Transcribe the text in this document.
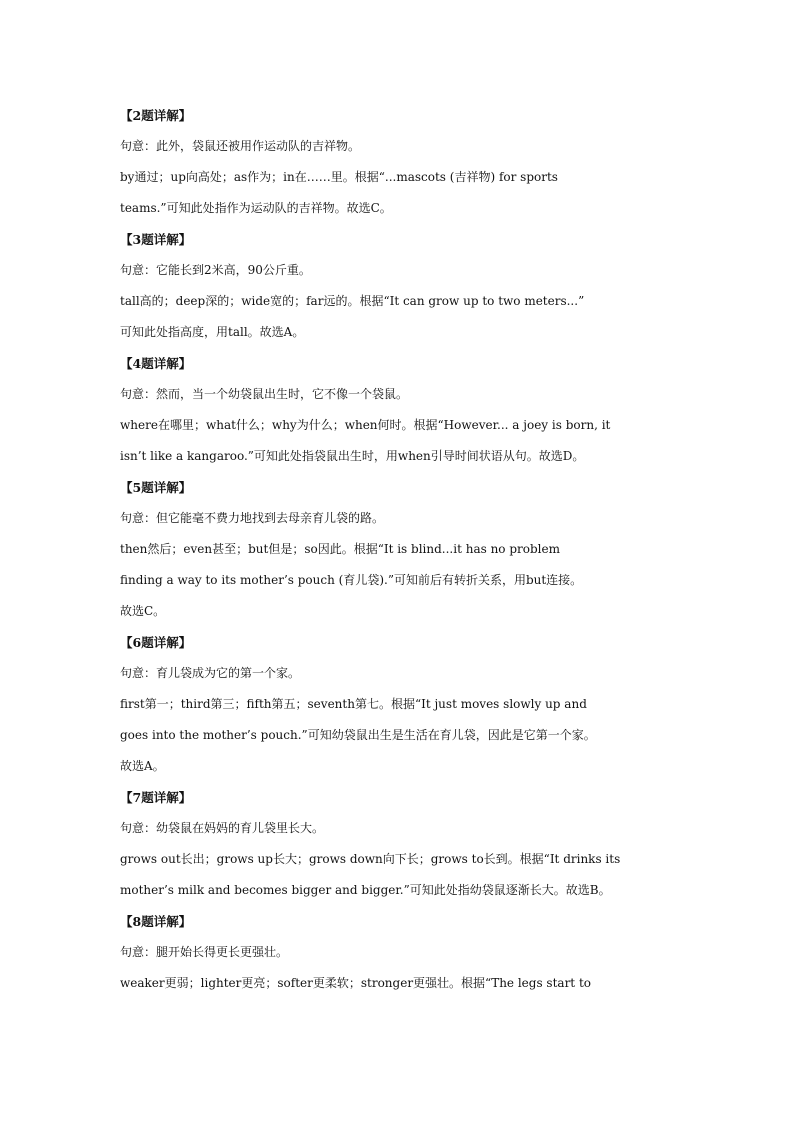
【2题详解】
句意：此外，袋鼠还被用作运动队的吉祥物。
by通过；up向高处；as作为；in在……里。根据“...mascots (吉祥物) for sports
teams.”可知此处指作为运动队的吉祥物。故选C。
【3题详解】
句意：它能长到2米高，90公斤重。
tall高的；deep深的；wide宽的；far远的。根据“It can grow up to two meters...”
可知此处指高度，用tall。故选A。
【4题详解】
句意：然而，当一个幼袋鼠出生时，它不像一个袋鼠。
where在哪里；what什么；why为什么；when何时。根据“However... a joey is born, it
isn’t like a kangaroo.”可知此处指袋鼠出生时，用when引导时间状语从句。故选D。
【5题详解】
句意：但它能毫不费力地找到去母亲育儿袋的路。
then然后；even甚至；but但是；so因此。根据“It is blind...it has no problem
finding a way to its mother’s pouch (育儿袋).”可知前后有转折关系，用but连接。
故选C。
【6题详解】
句意：育儿袋成为它的第一个家。
first第一；third第三；fifth第五；seventh第七。根据“It just moves slowly up and
goes into the mother’s pouch.”可知幼袋鼠出生是生活在育儿袋，因此是它第一个家。
故选A。
【7题详解】
句意：幼袋鼠在妈妈的育儿袋里长大。
grows out长出；grows up长大；grows down向下长；grows to长到。根据“It drinks its
mother’s milk and becomes bigger and bigger.”可知此处指幼袋鼠逐渐长大。故选B。
【8题详解】
句意：腿开始长得更长更强壮。
weaker更弱；lighter更亮；softer更柔软；stronger更强壮。根据“The legs start to
